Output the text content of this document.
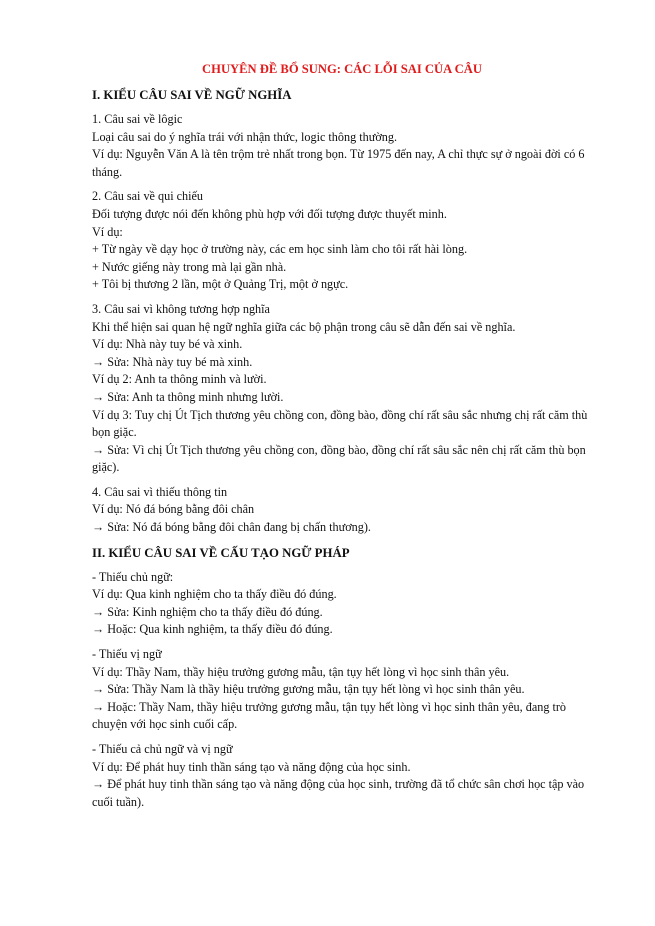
CHUYÊN ĐỀ BỔ SUNG: CÁC LỖI SAI CỦA CÂU
I. KIỂU CÂU SAI VỀ NGỮ NGHĨA
1. Câu sai về lôgic
Loại câu sai do ý nghĩa trái với nhận thức, logic thông thường.
Ví dụ: Nguyễn Văn A là tên trộm trẻ nhất trong bọn. Từ 1975 đến nay, A chỉ thực sự ở ngoài đời có 6 tháng.
2. Câu sai về qui chiếu
Đối tượng được nói đến không phù hợp với đối tượng được thuyết minh.
Ví dụ:
+ Từ ngày về dạy học ở trường này, các em học sinh làm cho tôi rất hài lòng.
+ Nước giếng này trong mà lại gần nhà.
+ Tôi bị thương 2 lần, một ở Quảng Trị, một ở ngực.
3. Câu sai vì không tương hợp nghĩa
Khi thể hiện sai quan hệ ngữ nghĩa giữa các bộ phận trong câu sẽ dẫn đến sai về nghĩa.
Ví dụ: Nhà này tuy bé và xinh.
→ Sửa: Nhà này tuy bé mà xinh.
Ví dụ 2: Anh ta thông minh và lười.
→ Sửa: Anh ta thông minh nhưng lười.
Ví dụ 3: Tuy chị Út Tịch thương yêu chồng con, đồng bào, đồng chí rất sâu sắc nhưng chị rất căm thù bọn giặc.
→ Sửa: Vì chị Út Tịch thương yêu chồng con, đồng bào, đồng chí rất sâu sắc nên chị rất căm thù bọn giặc).
4. Câu sai vì thiếu thông tin
Ví dụ: Nó đá bóng bằng đôi chân
→ Sửa: Nó đá bóng bằng đôi chân đang bị chấn thương).
II. KIỂU CÂU SAI VỀ CẤU TẠO NGỮ PHÁP
- Thiếu chủ ngữ:
Ví dụ: Qua kinh nghiệm cho ta thấy điều đó đúng.
→ Sửa: Kinh nghiệm cho ta thấy điều đó đúng.
→ Hoặc: Qua kinh nghiệm, ta thấy điều đó đúng.
- Thiếu vị ngữ
Ví dụ: Thầy Nam, thầy hiệu trưởng gương mẫu, tận tụy hết lòng vì học sinh thân yêu.
→ Sửa: Thầy Nam là thầy hiệu trưởng gương mẫu, tận tụy hết lòng vì học sinh thân yêu.
→ Hoặc: Thầy Nam, thầy hiệu trưởng gương mẫu, tận tụy hết lòng vì học sinh thân yêu, đang trò chuyện với học sinh cuối cấp.
- Thiếu cả chủ ngữ và vị ngữ
Ví dụ: Để phát huy tinh thần sáng tạo và năng động của học sinh.
→ Để phát huy tinh thần sáng tạo và năng động của học sinh, trường đã tổ chức sân chơi học tập vào cuối tuần).
